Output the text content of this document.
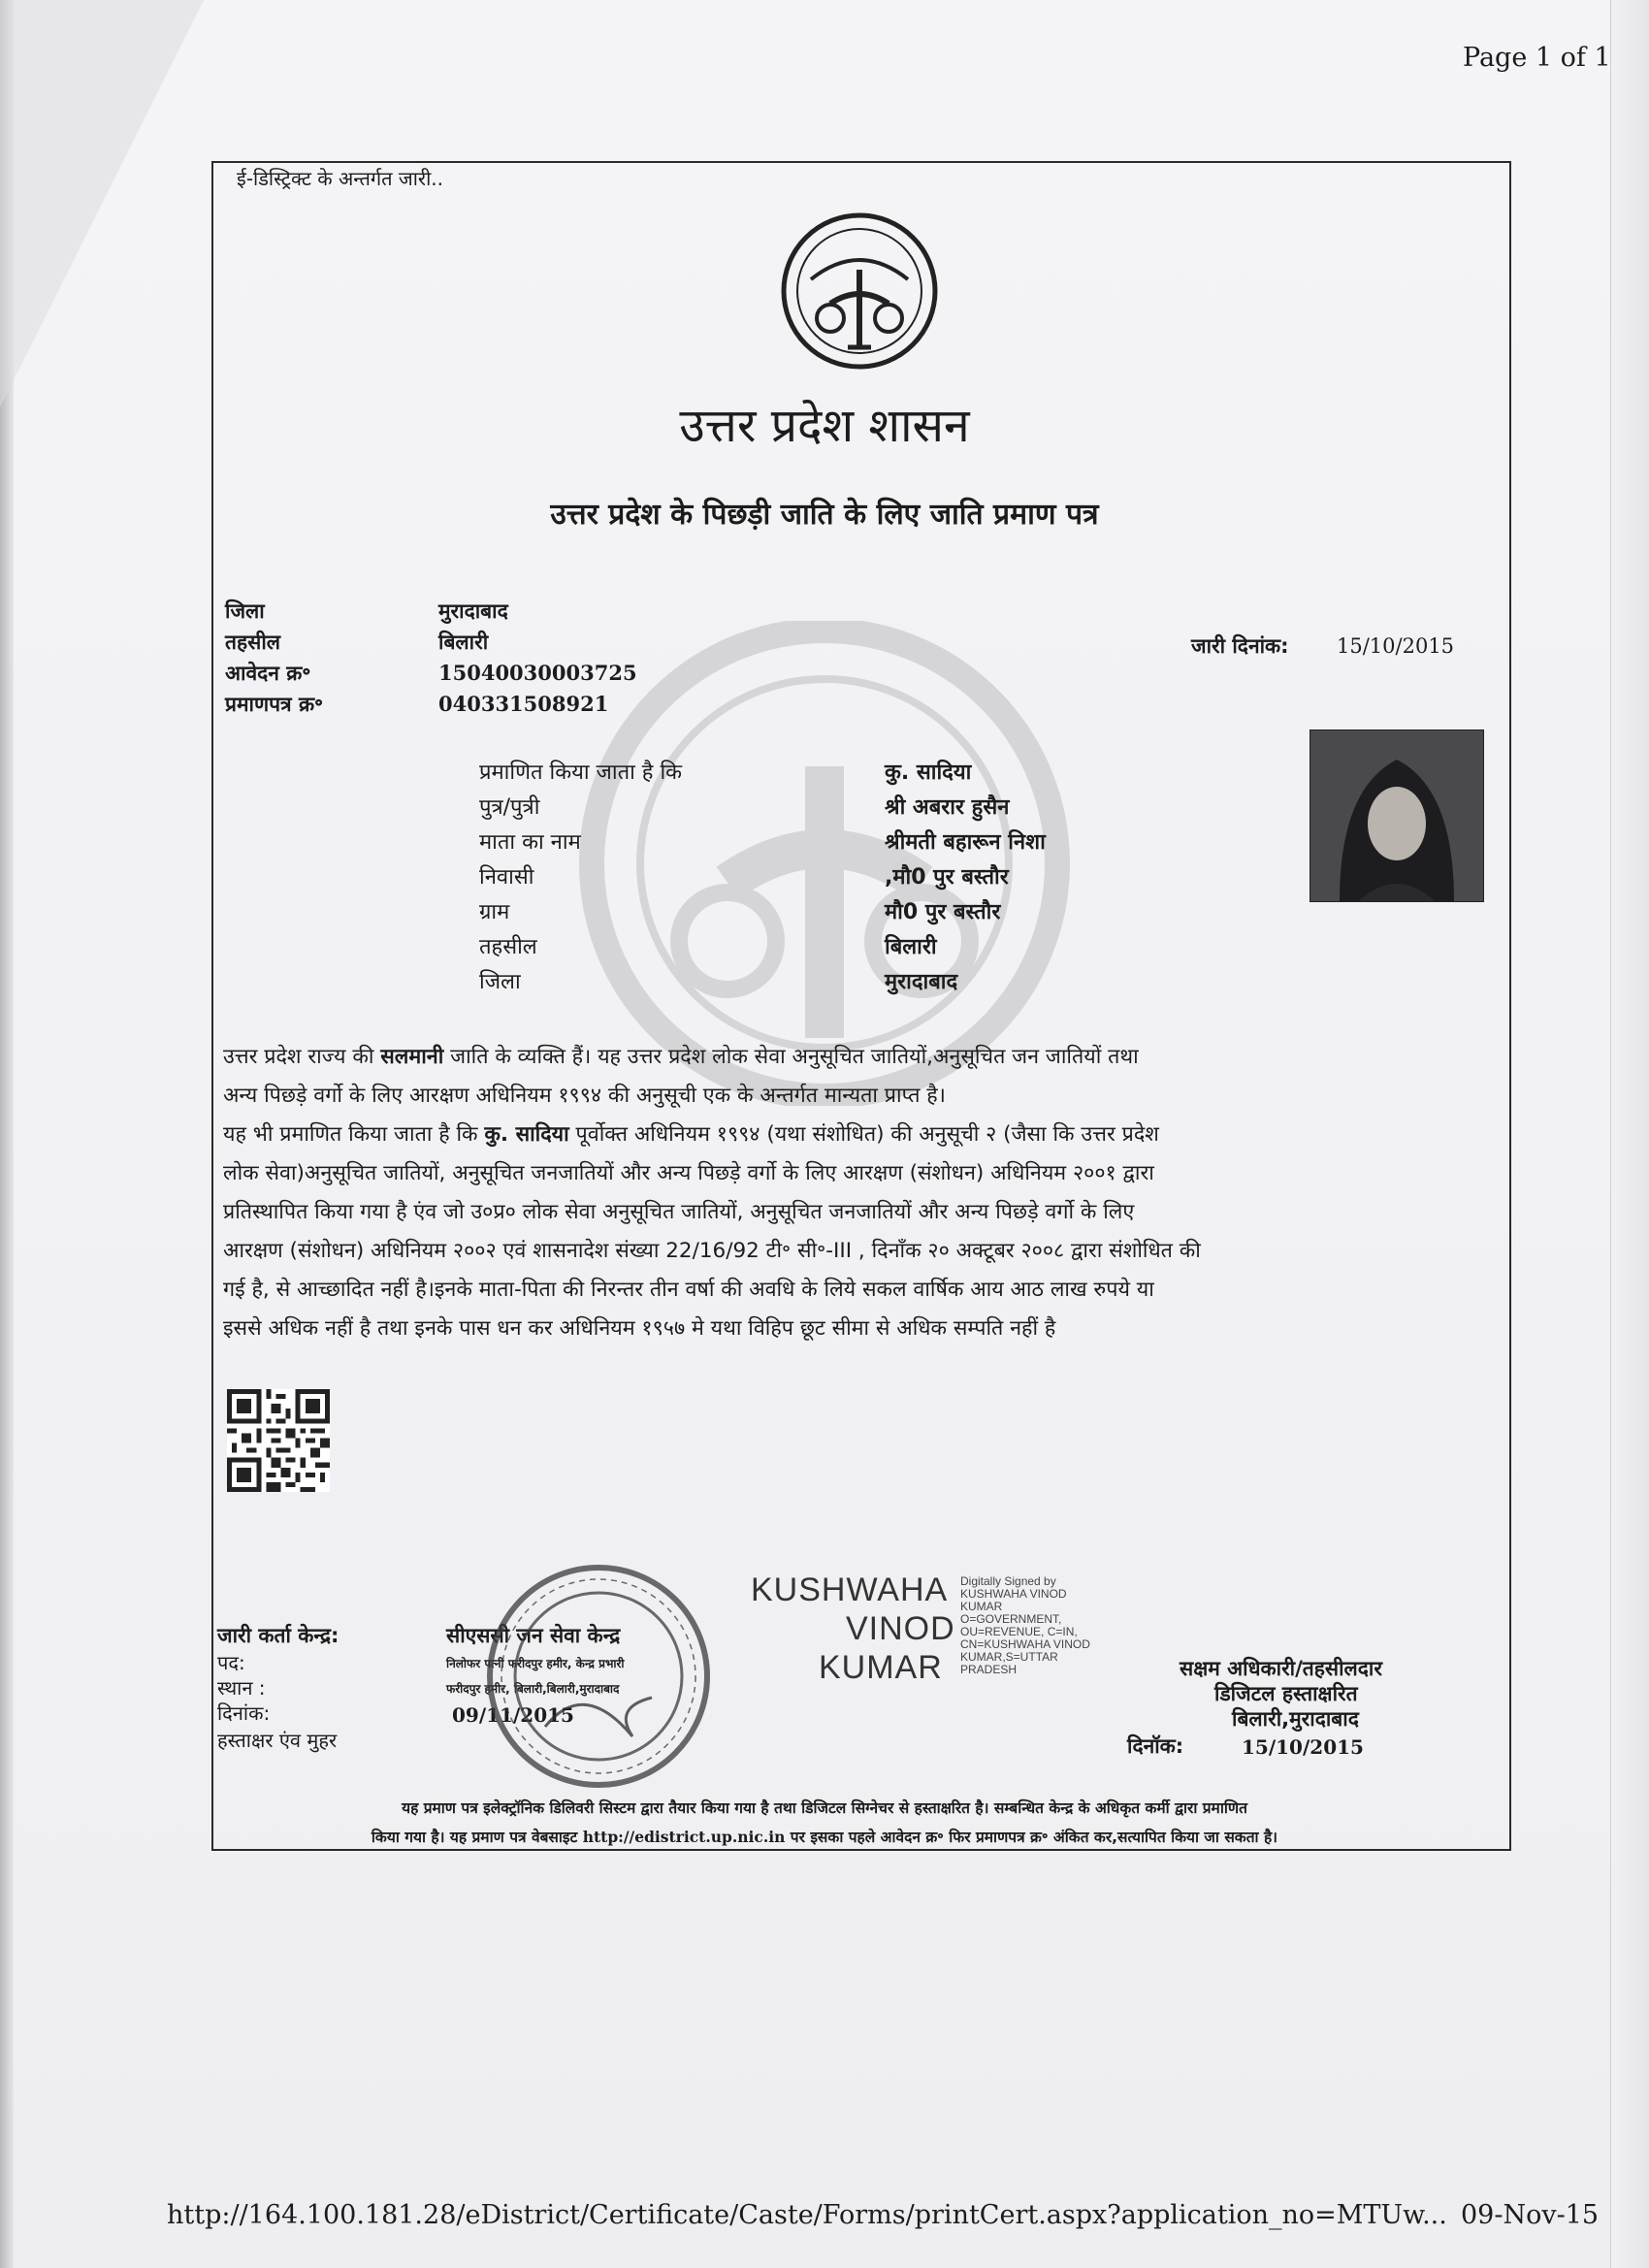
Page 1 of 1
ई-डिस्ट्रिक्ट के अन्तर्गत जारी..
उत्तर प्रदेश शासन
उत्तर प्रदेश के पिछड़ी जाति के लिए जाति प्रमाण पत्र
जिला	मुरादाबाद
तहसील	बिलारी
आवेदन क्र॰	15040030003725
प्रमाणपत्र क्र॰	040331508921
जारी दिनांक: 15/10/2015
प्रमाणित किया जाता है कि	कु. सादिया
पुत्र/पुत्री	श्री अबरार हुसैन
माता का नाम	श्रीमती बहारून निशा
निवासी	,मौ0 पुर बस्तौर
ग्राम	मौ0 पुर बस्तौर
तहसील	बिलारी
जिला	मुरादाबाद
उत्तर प्रदेश राज्य की सलमानी जाति के व्यक्ति हैं। यह उत्तर प्रदेश लोक सेवा अनुसूचित जातियों,अनुसूचित जन जातियों तथा
अन्य पिछड़े वर्गो के लिए आरक्षण अधिनियम १९९४ की अनुसूची एक के अन्तर्गत मान्यता प्राप्त है।
यह भी प्रमाणित किया जाता है कि कु. सादिया पूर्वोक्त अधिनियम १९९४ (यथा संशोधित) की अनुसूची २ (जैसा कि उत्तर प्रदेश
लोक सेवा)अनुसूचित जातियों, अनुसूचित जनजातियों और अन्य पिछड़े वर्गो के लिए आरक्षण (संशोधन) अधिनियम २००१ द्वारा
प्रतिस्थापित किया गया है एंव जो उ०प्र० लोक सेवा अनुसूचित जातियों, अनुसूचित जनजातियों और अन्य पिछड़े वर्गो के लिए
आरक्षण (संशोधन) अधिनियम २००२ एवं शासनादेश संख्या 22/16/92 टी॰ सी॰-III , दिनाँक २० अक्टूबर २००८ द्वारा संशोधित की
गई है, से आच्छादित नहीं है।इनके माता-पिता की निरन्तर तीन वर्षा की अवधि के लिये सकल वार्षिक आय आठ लाख रुपये या
इससे अधिक नहीं है तथा इनके पास धन कर अधिनियम १९५७ मे यथा विहिप छूट सीमा से अधिक सम्पति नहीं है
जारी कर्ता केन्द्र:	सीएससी जन सेवा केन्द्र
पद:	निलोफर पत्नी फरीदपुर हमीर, केन्द्र प्रभारी
स्थान :	फरीदपुर हमीर, बिलारी,बिलारी,मुरादाबाद
दिनांक:	09/11/2015
हस्ताक्षर एंव मुहर
KUSHWAHA
VINOD
KUMAR
Digitally Signed by
KUSHWAHA VINOD
KUMAR
O=GOVERNMENT,
OU=REVENUE, C=IN,
CN=KUSHWAHA VINOD
KUMAR,S=UTTAR
PRADESH	सक्षम अधिकारी/तहसीलदार
डिजिटल हस्ताक्षरित
बिलारी,मुरादाबाद
दिनॉक:	15/10/2015
यह प्रमाण पत्र इलेक्ट्रॉनिक डिलिवरी सिस्टम द्वारा तैयार किया गया है तथा डिजिटल सिग्नेचर से हस्ताक्षरित है। सम्बन्धित केन्द्र के अधिकृत कर्मी द्वारा प्रमाणित
किया गया है। यह प्रमाण पत्र वेबसाइट http://edistrict.up.nic.in पर इसका पहले आवेदन क्र॰ फिर प्रमाणपत्र क्र॰ अंकित कर,सत्यापित किया जा सकता है।
http://164.100.181.28/eDistrict/Certificate/Caste/Forms/printCert.aspx?application_no=MTUw... 09-Nov-15
